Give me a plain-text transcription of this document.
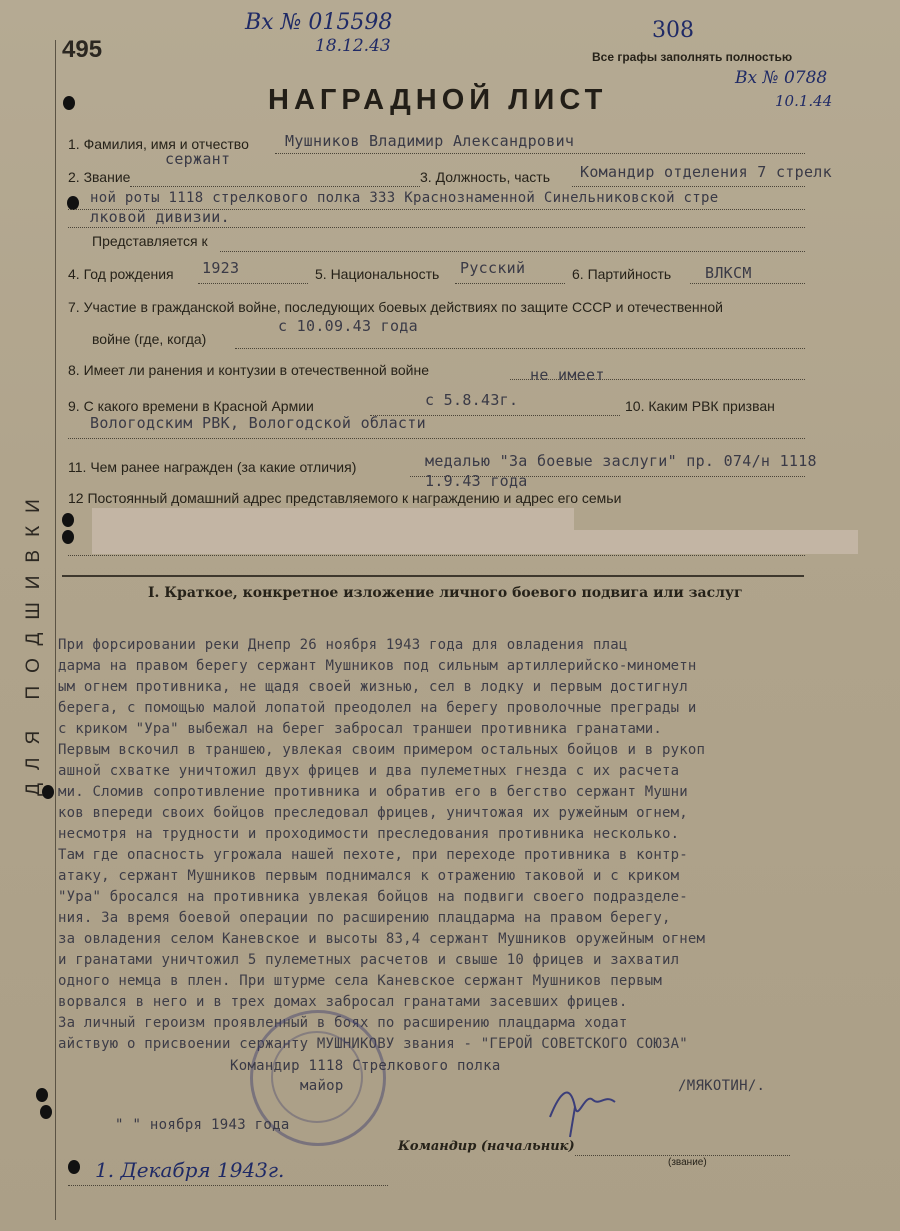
ДЛЯ ПОДШИВКИ
495
Вх № 015598
18.12.43
308
Все графы заполнять полностью
Вх № 0788
10.1.44
НАГРАДНОЙ ЛИСТ
1. Фамилия, имя и отчество Мушников Владимир Александрович
2. Звание
сержант
3. Должность, часть Командир отделения 7 стрелк
ной роты 1118 стрелкового полка 333 Краснознаменной Синельниковской стре
лковой дивизии.
Представляется к
4. Год рождения 1923	5. Национальность Русский	6. Партийность ВЛКСМ
7. Участие в гражданской войне, последующих боевых действиях по защите СССР и отечественной
войне (где, когда)
с 10.09.43 года
8. Имеет ли ранения и контузии в отечественной войне	не имеет
9. С какого времени в Красной Армии	с 5.8.43г.	10. Каким РВК призван
Вологодским РВК, Вологодской области
11. Чем ранее награжден (за какие отличия)	медалью "За боевые заслуги" пр. 074/н 1118
1.9.43 года
12 Постоянный домашний адрес представляемого к награждению и адрес его семьи
I. Краткое, конкретное изложение личного боевого подвига или заслуг
При форсировании реки Днепр 26 ноября 1943 года для овладения плац
дарма на правом берегу сержант Мушников под сильным артиллерийско-минометн
ым огнем противника, не щадя своей жизнью, сел в лодку и первым достигнул
берега, с помощью малой лопатой преодолел на берегу проволочные преграды и
с криком "Ура" выбежал на берег забросал траншеи противника гранатами.
Первым вскочил в траншею, увлекая своим примером остальных бойцов и в рукоп
ашной схватке уничтожил двух фрицев и два пулеметных гнезда с их расчета
ми. Сломив сопротивление противника и обратив его в бегство сержант Мушни
ков впереди своих бойцов преследовал фрицев, уничтожая их ружейным огнем,
несмотря на трудности и проходимости преследования противника несколько.
Там где опасность угрожала нашей пехоте, при переходе противника в контр-
атаку, сержант Мушников первым поднимался к отражению таковой и с криком
"Ура" бросался на противника увлекая бойцов на подвиги своего подразделе-
ния. За время боевой операции по расширению плацдарма на правом берегу,
за овладения селом Каневское и высоты 83,4 сержант Мушников оружейным огнем
и гранатами уничтожил 5 пулеметных расчетов и свыше 10 фрицев и захватил
одного немца в плен. При штурме села Каневское сержант Мушников первым
ворвался в него и в трех домах забросал гранатами засевших фрицев.
За личный героизм проявленный в боях по расширению плацдарма ходат
айствую о присвоении сержанту МУШНИКОВУ звания - "ГЕРОЙ СОВЕТСКОГО СОЮЗА"
Командир 1118 Стрелкового полка
майор	/МЯКОТИН/.
" " ноября 1943 года
Командир (начальник)
(звание)
1. Декабря 1943г.
